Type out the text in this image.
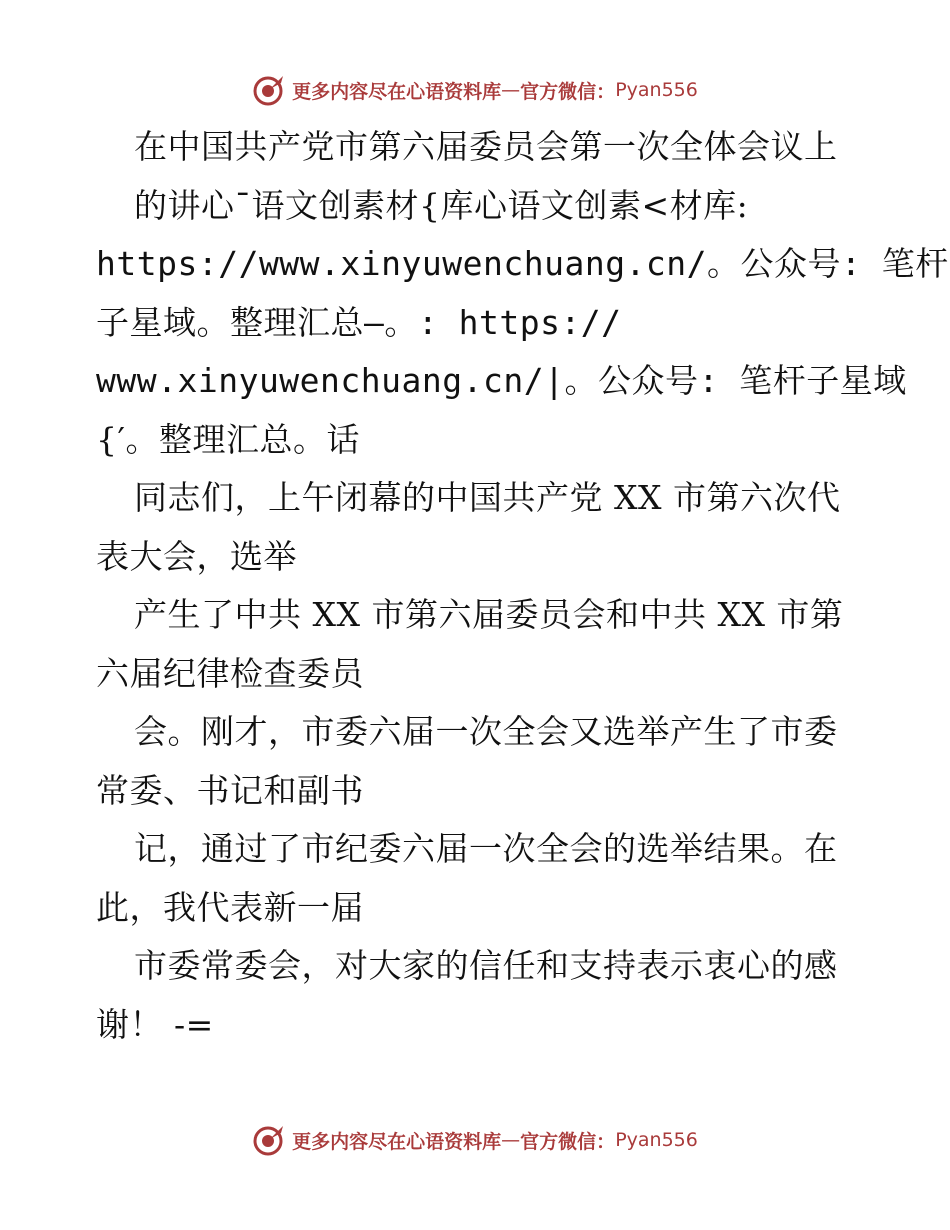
更多内容尽在心语资料库 — 官方微信： Pyan556
在中国共产党市第六届委员会第一次全体会议上
的讲心¯语文创素材{库心语文创素<材库:
https://www.xinyuwenchuang.cn/。公众号: 笔杆
子星域。整理汇总—。: https://
www.xinyuwenchuang.cn/|。公众号: 笔杆子星域
{′。整理汇总。话
同志们，上午闭幕的中国共产党 XX 市第六次代
表大会，选举
产生了中共 XX 市第六届委员会和中共 XX 市第
六届纪律检查委员
会。刚才，市委六届一次全会又选举产生了市委
常委、书记和副书
记，通过了市纪委六届一次全会的选举结果。在
此，我代表新一届
市委常委会，对大家的信任和支持表示衷心的感
谢！ -=
更多内容尽在心语资料库 — 官方微信： Pyan556
